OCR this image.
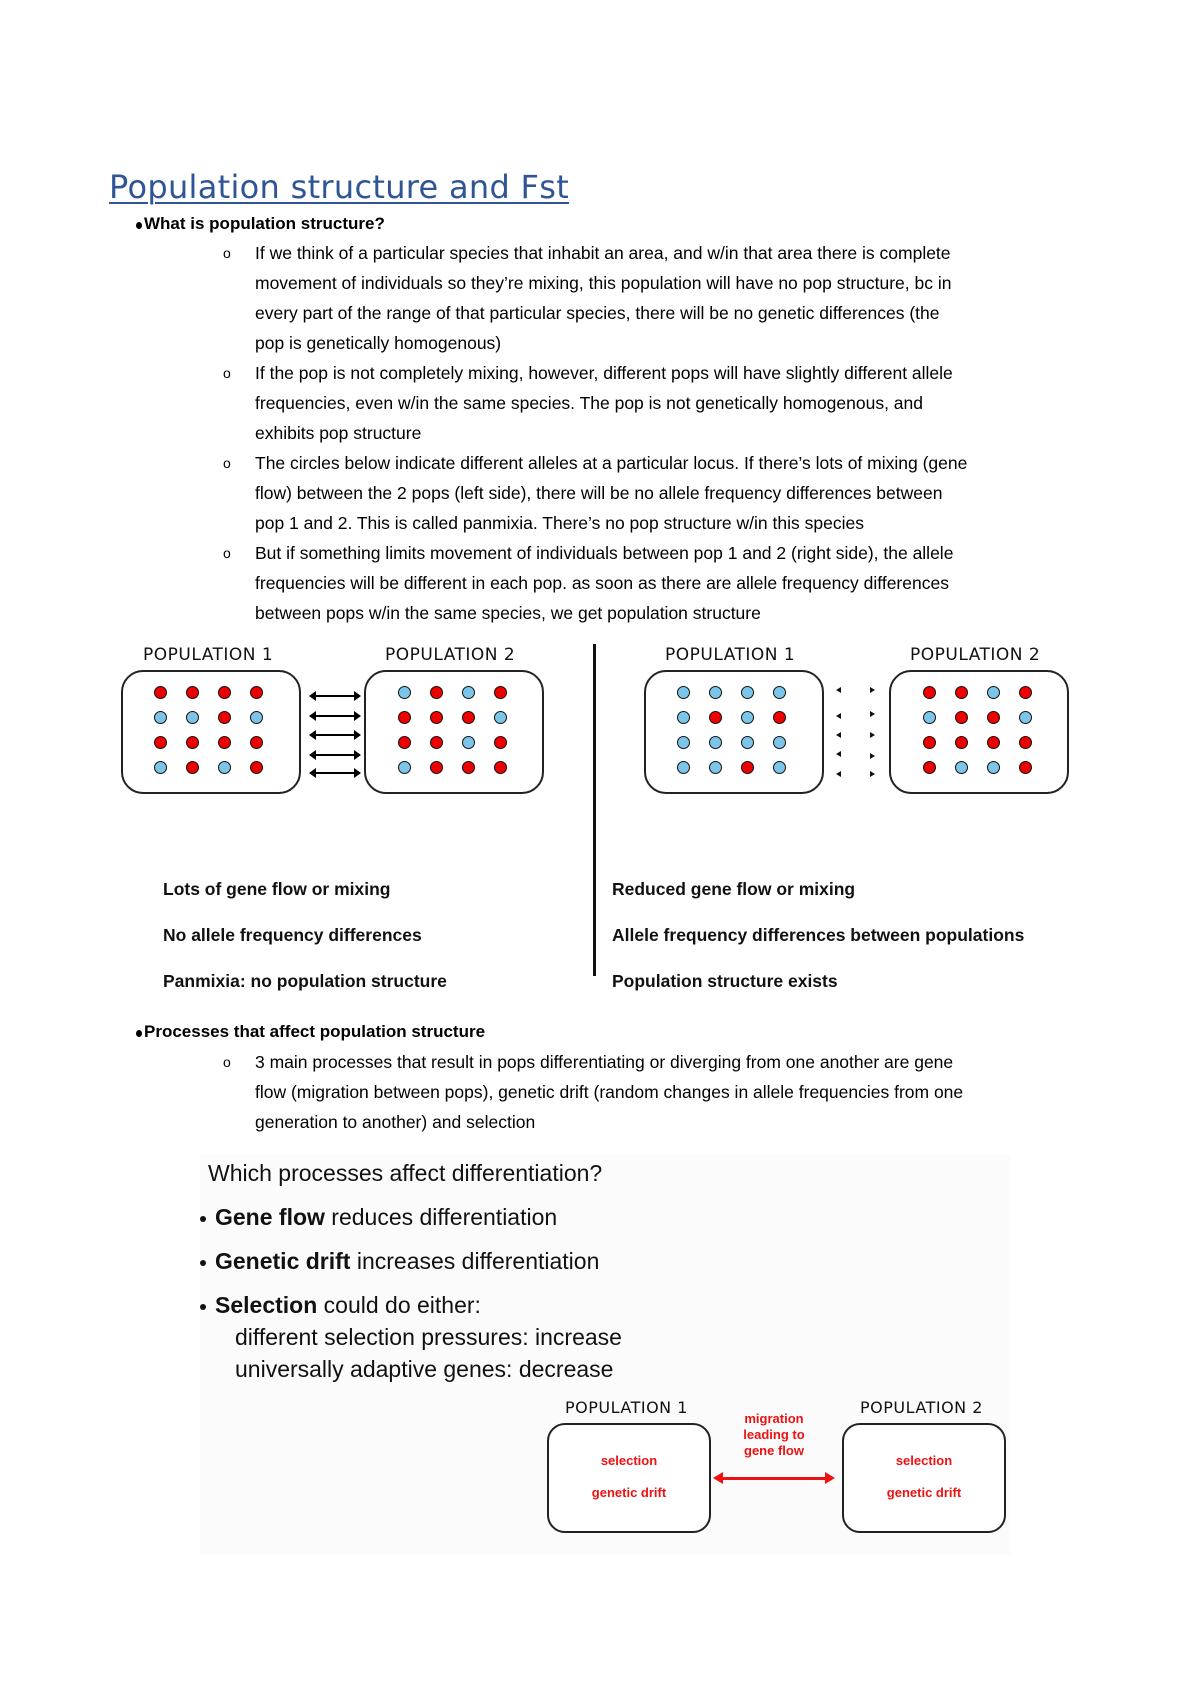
Population structure and Fst
What is population structure?
o If we think of a particular species that inhabit an area, and w/in that area there is complete
movement of individuals so they’re mixing, this population will have no pop structure, bc in
every part of the range of that particular species, there will be no genetic differences (the
pop is genetically homogenous)
o If the pop is not completely mixing, however, different pops will have slightly different allele
frequencies, even w/in the same species. The pop is not genetically homogenous, and
exhibits pop structure
o The circles below indicate different alleles at a particular locus. If there’s lots of mixing (gene
flow) between the 2 pops (left side), there will be no allele frequency differences between
pop 1 and 2. This is called panmixia. There’s no pop structure w/in this species
o But if something limits movement of individuals between pop 1 and 2 (right side), the allele
frequencies will be different in each pop. as soon as there are allele frequency differences
between pops w/in the same species, we get population structure
POPULATION 1	POPULATION 2	POPULATION 1	POPULATION 2
Lots of gene flow or mixing
No allele frequency differences
Panmixia: no population structure
Reduced gene flow or mixing
Allele frequency differences between populations
Population structure exists
Processes that affect population structure
o 3 main processes that result in pops differentiating or diverging from one another are gene
flow (migration between pops), genetic drift (random changes in allele frequencies from one
generation to another) and selection
Which processes affect differentiation?
Gene flow reduces differentiation
Genetic drift increases differentiation
Selection could do either:
different selection pressures: increase
universally adaptive genes: decrease
POPULATION 1	POPULATION 2
selection
genetic drift
selection
genetic drift
migration
leading to
gene flow
